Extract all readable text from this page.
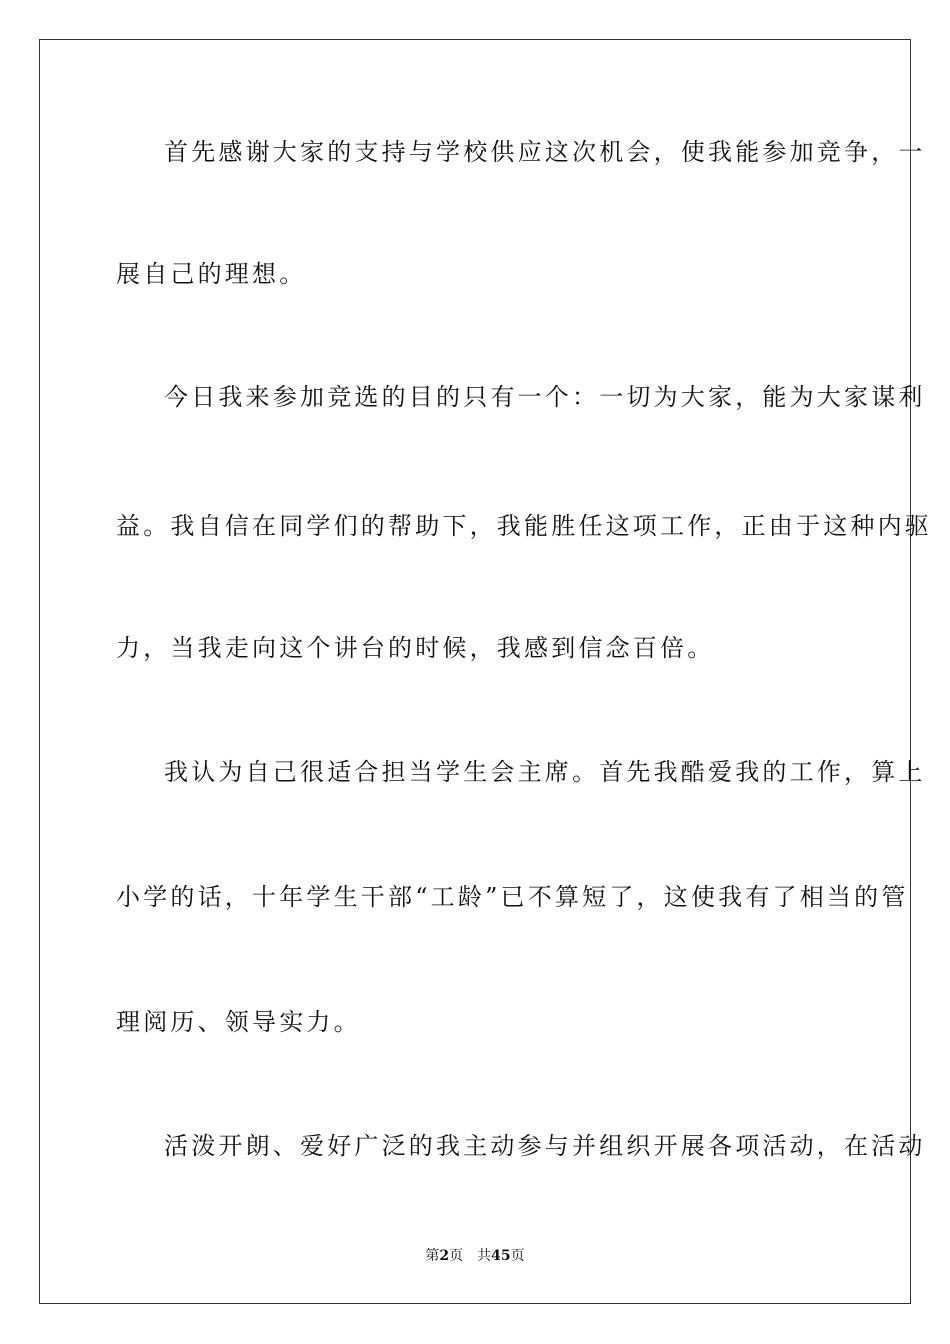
首先感谢大家的支持与学校供应这次机会，使我能参加竞争，一
展自己的理想。
今日我来参加竞选的目的只有一个：一切为大家，能为大家谋利
益。我自信在同学们的帮助下，我能胜任这项工作，正由于这种内驱
力，当我走向这个讲台的时候，我感到信念百倍。
我认为自己很适合担当学生会主席。首先我酷爱我的工作，算上
小学的话，十年学生干部“工龄”已不算短了，这使我有了相当的管
理阅历、领导实力。
活泼开朗、爱好广泛的我主动参与并组织开展各项活动，在活动
第2页 共45页
